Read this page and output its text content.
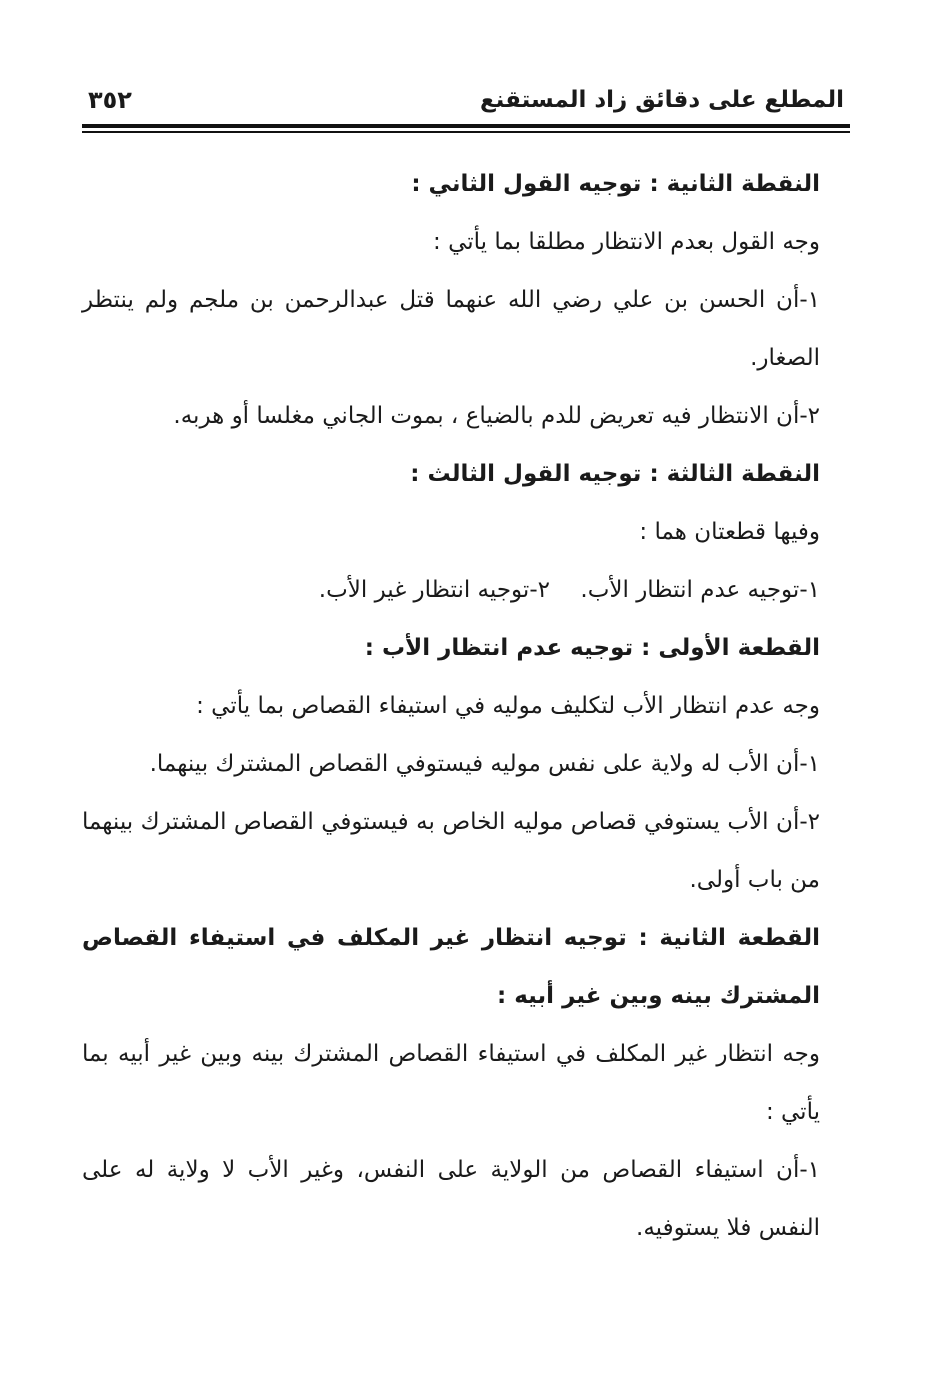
٣٥٢	المطلع على دقائق زاد المستقنع

النقطة الثانية : توجيه القول الثاني :

وجه القول بعدم الانتظار مطلقا بما يأتي :

١-أن الحسن بن علي رضي الله عنهما قتل عبدالرحمن بن ملجم ولم ينتظر الصغار.

٢-أن الانتظار فيه تعريض للدم بالضياع ، بموت الجاني مغلسا أو هربه.

النقطة الثالثة : توجيه القول الثالث :

وفيها قطعتان هما :

١-توجيه عدم انتظار الأب.
٢-توجيه انتظار غير الأب.

القطعة الأولى : توجيه عدم انتظار الأب :

وجه عدم انتظار الأب لتكليف موليه في استيفاء القصاص بما يأتي :

١-أن الأب له ولاية على نفس موليه فيستوفي القصاص المشترك بينهما.

٢-أن الأب يستوفي قصاص موليه الخاص به فيستوفي القصاص المشترك بينهما من باب أولى.

القطعة الثانية : توجيه انتظار غير المكلف في استيفاء القصاص المشترك بينه وبين غير أبيه :

وجه انتظار غير المكلف في استيفاء القصاص المشترك بينه وبين غير أبيه بما يأتي :

١-أن استيفاء القصاص من الولاية على النفس، وغير الأب لا ولاية له على النفس فلا يستوفيه.
